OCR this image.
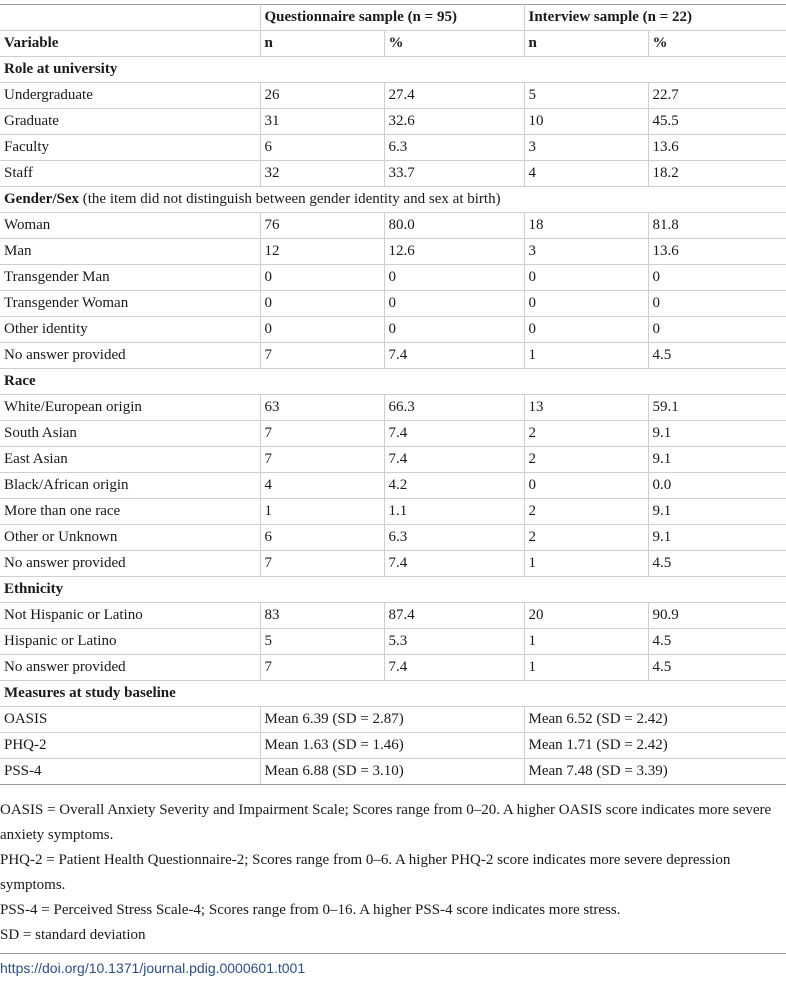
	Questionnaire sample (n = 95)		Interview sample (n = 22)	
Variable	n	%	n	%
Role at university				
Undergraduate	26	27.4	5	22.7
Graduate	31	32.6	10	45.5
Faculty	6	6.3	3	13.6
Staff	32	33.7	4	18.2
Gender/Sex (the item did not distinguish between gender identity and sex at birth)				
Woman	76	80.0	18	81.8
Man	12	12.6	3	13.6
Transgender Man	0	0	0	0
Transgender Woman	0	0	0	0
Other identity	0	0	0	0
No answer provided	7	7.4	1	4.5
Race				
White/European origin	63	66.3	13	59.1
South Asian	7	7.4	2	9.1
East Asian	7	7.4	2	9.1
Black/African origin	4	4.2	0	0.0
More than one race	1	1.1	2	9.1
Other or Unknown	6	6.3	2	9.1
No answer provided	7	7.4	1	4.5
Ethnicity				
Not Hispanic or Latino	83	87.4	20	90.9
Hispanic or Latino	5	5.3	1	4.5
No answer provided	7	7.4	1	4.5
Measures at study baseline				
OASIS	Mean 6.39 (SD = 2.87)		Mean 6.52 (SD = 2.42)	
PHQ-2	Mean 1.63 (SD = 1.46)		Mean 1.71 (SD = 2.42)	
PSS-4	Mean 6.88 (SD = 3.10)		Mean 7.48 (SD = 3.39)	

OASIS = Overall Anxiety Severity and Impairment Scale; Scores range from 0–20. A higher OASIS score indicates more severe anxiety symptoms.

PHQ-2 = Patient Health Questionnaire-2; Scores range from 0–6. A higher PHQ-2 score indicates more severe depression symptoms.

PSS-4 = Perceived Stress Scale-4; Scores range from 0–16. A higher PSS-4 score indicates more stress.

SD = standard deviation

https://doi.org/10.1371/journal.pdig.0000601.t001
